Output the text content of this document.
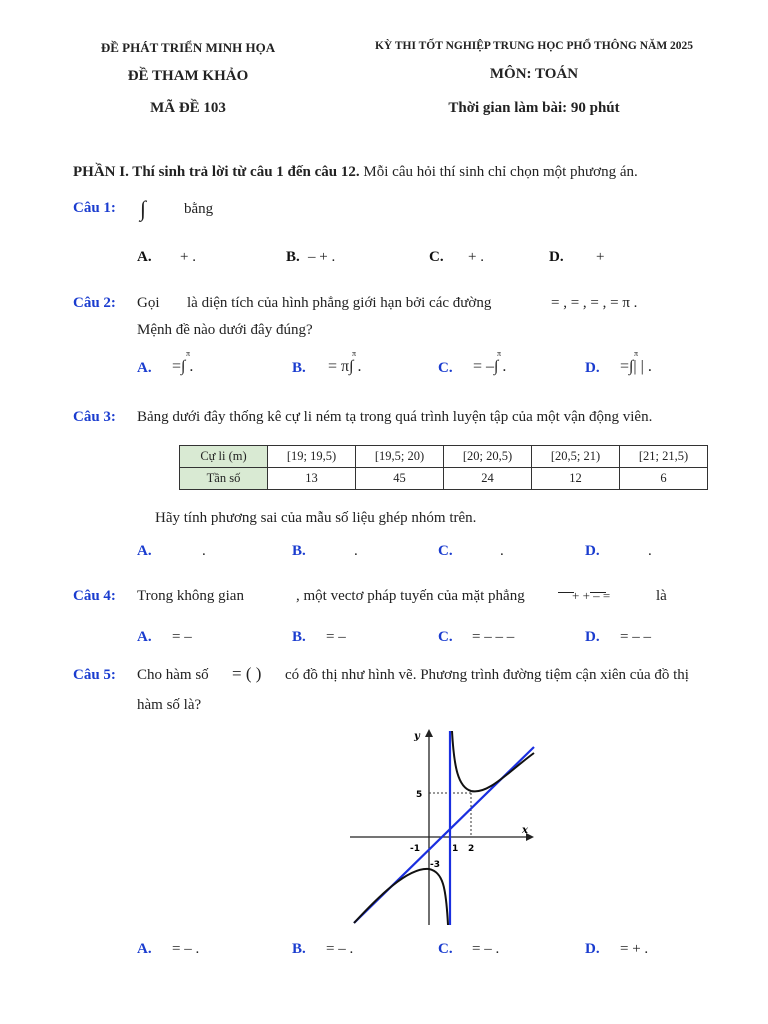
ĐỀ PHÁT TRIỂN MINH HỌA
ĐỀ THAM KHẢO
MÃ ĐỀ 103
KỲ THI TỐT NGHIỆP TRUNG HỌC PHỔ THÔNG NĂM 2025
MÔN: TOÁN
Thời gian làm bài: 90 phút
PHẦN I. Thí sinh trả lời từ câu 1 đến câu 12. Mỗi câu hỏi thí sinh chỉ chọn một phương án.
Câu 1: ∫	bằng
A. + .	B. – + .	C. + .	D. +
Câu 2: Gọi là diện tích của hình phẳng giới hạn bởi các đường	= , = , = , = π .
Mệnh đề nào dưới đây đúng?
A. =∫ .
π
B. = π∫ .
π
C. = –∫ .
π
D. =∫| | .
π
Câu 3: Bảng dưới đây thống kê cự li ném tạ trong quá trình luyện tập của một vận động viên.
Cự li (m)	[19; 19,5)	[19,5; 20)	[20; 20,5)	[20,5; 21)	[21; 21,5)
Tần số	13	45	24	12	6
Hãy tính phương sai của mẫu số liệu ghép nhóm trên.
A.	.	B.	.	C.	.	D.	.
Câu 4: Trong không gian	, một vectơ pháp tuyến của mặt phẳng	+ + – =	là
A. = –	B. = –	C. = – – –	D. = – –
Câu 5: Cho hàm số = ( ) có đồ thị như hình vẽ. Phương trình đường tiệm cận xiên của đồ thị
hàm số là?
y
x
5
-1	1 2
-3
A. = – .	B. = – .	C. = – .	D. = + .
